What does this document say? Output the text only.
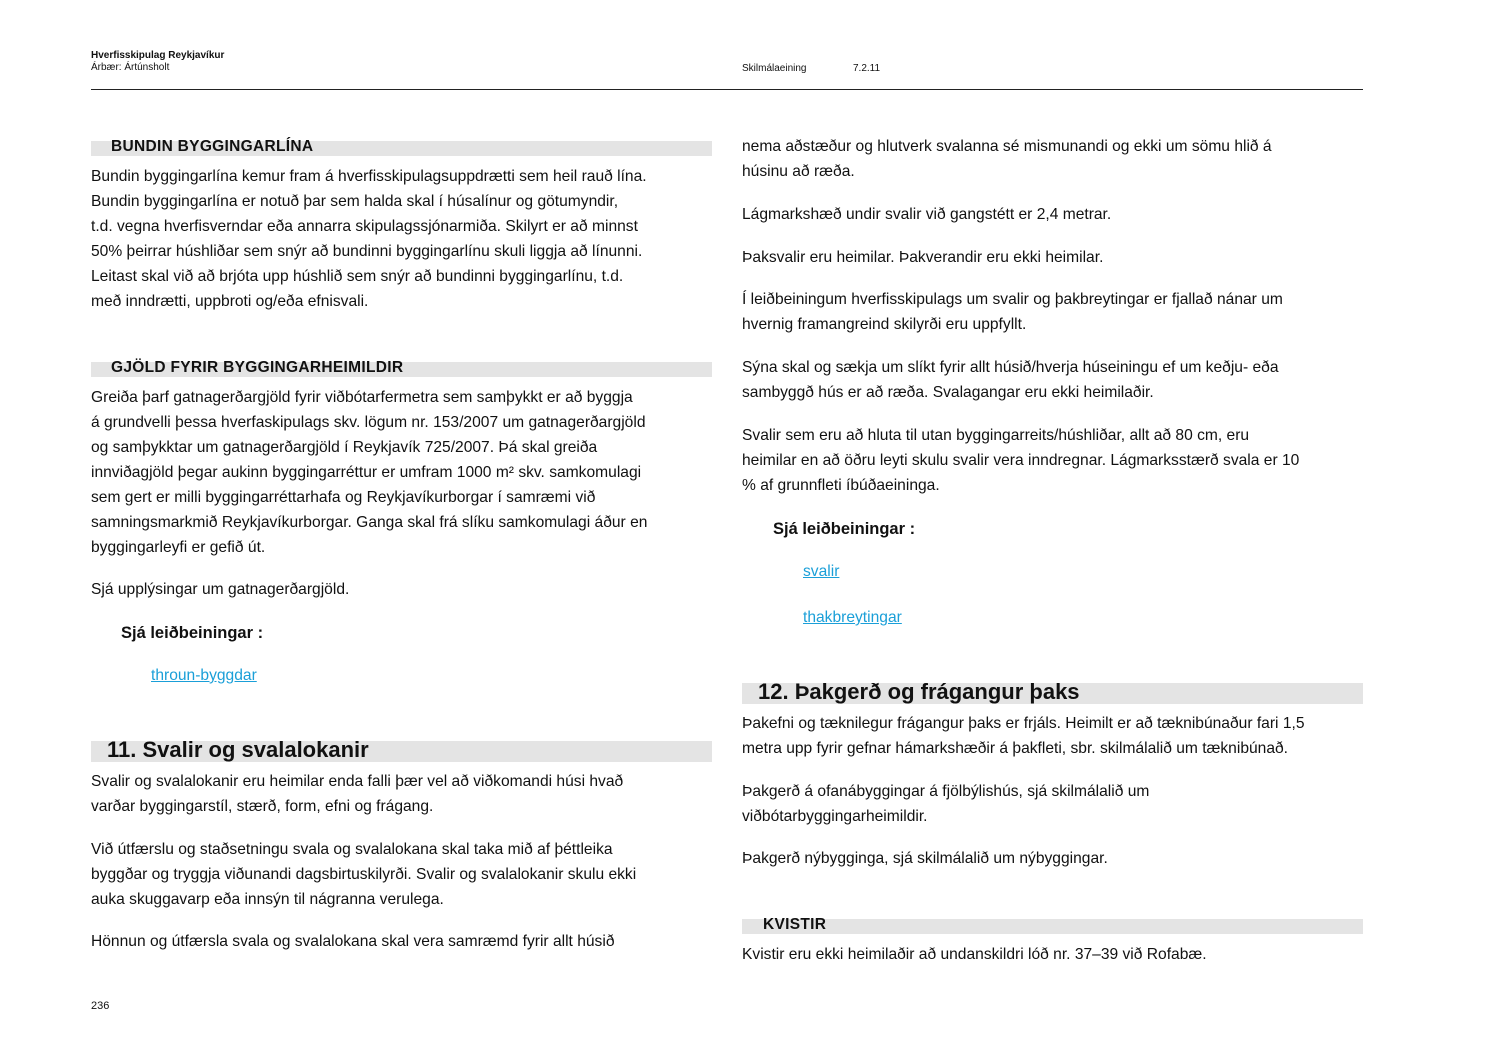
Hverfisskipulag Reykjavíkur
Árbær: Ártúnsholt	Skilmálaeining	7.2.11
BUNDIN BYGGINGARLÍNA
Bundin byggingarlína kemur fram á hverfisskipulagsuppdrætti sem heil rauð lína.
Bundin byggingarlína er notuð þar sem halda skal í húsalínur og götumyndir,
t.d. vegna hverfisverndar eða annarra skipulagssjónarmiða. Skilyrt er að minnst
50% þeirrar húshliðar sem snýr að bundinni byggingarlínu skuli liggja að línunni.
Leitast skal við að brjóta upp húshlið sem snýr að bundinni byggingarlínu, t.d.
með inndrætti, uppbroti og/eða efnisvali.
GJÖLD FYRIR BYGGINGARHEIMILDIR
Greiða þarf gatnagerðargjöld fyrir viðbótarfermetra sem samþykkt er að byggja
á grundvelli þessa hverfaskipulags skv. lögum nr. 153/2007 um gatnagerðargjöld
og samþykktar um gatnagerðargjöld í Reykjavík 725/2007. Þá skal greiða
innviðagjöld þegar aukinn byggingarréttur er umfram 1000 m² skv. samkomulagi
sem gert er milli byggingarréttarhafa og Reykjavíkurborgar í samræmi við
samningsmarkmið Reykjavíkurborgar. Ganga skal frá slíku samkomulagi áður en
byggingarleyfi er gefið út.
Sjá upplýsingar um gatnagerðargjöld.
Sjá leiðbeiningar :
throun-byggdar
11. Svalir og svalalokanir
Svalir og svalalokanir eru heimilar enda falli þær vel að viðkomandi húsi hvað
varðar byggingarstíl, stærð, form, efni og frágang.
Við útfærslu og staðsetningu svala og svalalokana skal taka mið af þéttleika
byggðar og tryggja viðunandi dagsbirtuskilyrði. Svalir og svalalokanir skulu ekki
auka skuggavarp eða innsýn til nágranna verulega.
Hönnun og útfærsla svala og svalalokana skal vera samræmd fyrir allt húsið
236
nema aðstæður og hlutverk svalanna sé mismunandi og ekki um sömu hlið á
húsinu að ræða.
Lágmarkshæð undir svalir við gangstétt er 2,4 metrar.
Þaksvalir eru heimilar. Þakverandir eru ekki heimilar.
Í leiðbeiningum hverfisskipulags um svalir og þakbreytingar er fjallað nánar um
hvernig framangreind skilyrði eru uppfyllt.
Sýna skal og sækja um slíkt fyrir allt húsið/hverja húseiningu ef um keðju- eða
sambyggð hús er að ræða. Svalagangar eru ekki heimilaðir.
Svalir sem eru að hluta til utan byggingarreits/húshliðar, allt að 80 cm, eru
heimilar en að öðru leyti skulu svalir vera inndregnar. Lágmarksstærð svala er 10
% af grunnfleti íbúðaeininga.
Sjá leiðbeiningar :
svalir
thakbreytingar
12. Þakgerð og frágangur þaks
Þakefni og tæknilegur frágangur þaks er frjáls. Heimilt er að tæknibúnaður fari 1,5
metra upp fyrir gefnar hámarkshæðir á þakfleti, sbr. skilmálalið um tæknibúnað.
Þakgerð á ofanábyggingar á fjölbýlishús, sjá skilmálalið um
viðbótarbyggingarheimildir.
Þakgerð nýbygginga, sjá skilmálalið um nýbyggingar.
KVISTIR
Kvistir eru ekki heimilaðir að undanskildri lóð nr. 37–39 við Rofabæ.
